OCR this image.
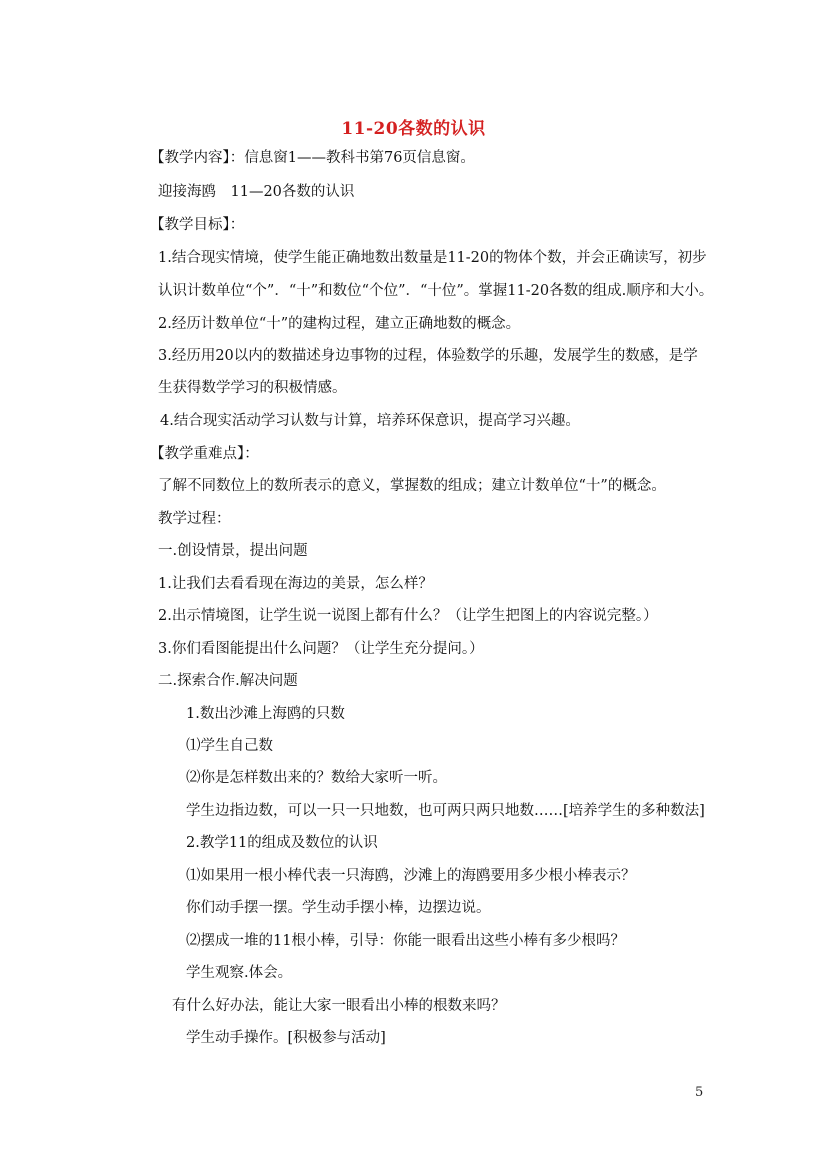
11-20各数的认识
【教学内容】：信息窗1——教科书第76页信息窗。
迎接海鸥　11—20各数的认识
【教学目标】：
1.结合现实情境，使学生能正确地数出数量是11-20的物体个数，并会正确读写，初步
认识计数单位“个”．“十”和数位“个位”．“十位”。掌握11-20各数的组成.顺序和大小。
2.经历计数单位“十”的建构过程，建立正确地数的概念。
3.经历用20以内的数描述身边事物的过程，体验数学的乐趣，发展学生的数感，是学
生获得数学学习的积极情感。
4.结合现实活动学习认数与计算，培养环保意识，提高学习兴趣。
【教学重难点】：
了解不同数位上的数所表示的意义，掌握数的组成；建立计数单位“十”的概念。
教学过程：
一.创设情景，提出问题
1.让我们去看看现在海边的美景，怎么样？
2.出示情境图，让学生说一说图上都有什么？（让学生把图上的内容说完整。）
3.你们看图能提出什么问题？（让学生充分提问。）
二.探索合作.解决问题
1.数出沙滩上海鸥的只数
⑴学生自己数
⑵你是怎样数出来的？数给大家听一听。
学生边指边数，可以一只一只地数，也可两只两只地数……[培养学生的多种数法]
2.教学11的组成及数位的认识
⑴如果用一根小棒代表一只海鸥，沙滩上的海鸥要用多少根小棒表示？
你们动手摆一摆。学生动手摆小棒，边摆边说。
⑵摆成一堆的11根小棒，引导：你能一眼看出这些小棒有多少根吗？
学生观察.体会。
有什么好办法，能让大家一眼看出小棒的根数来吗？
学生动手操作。[积极参与活动]
5
